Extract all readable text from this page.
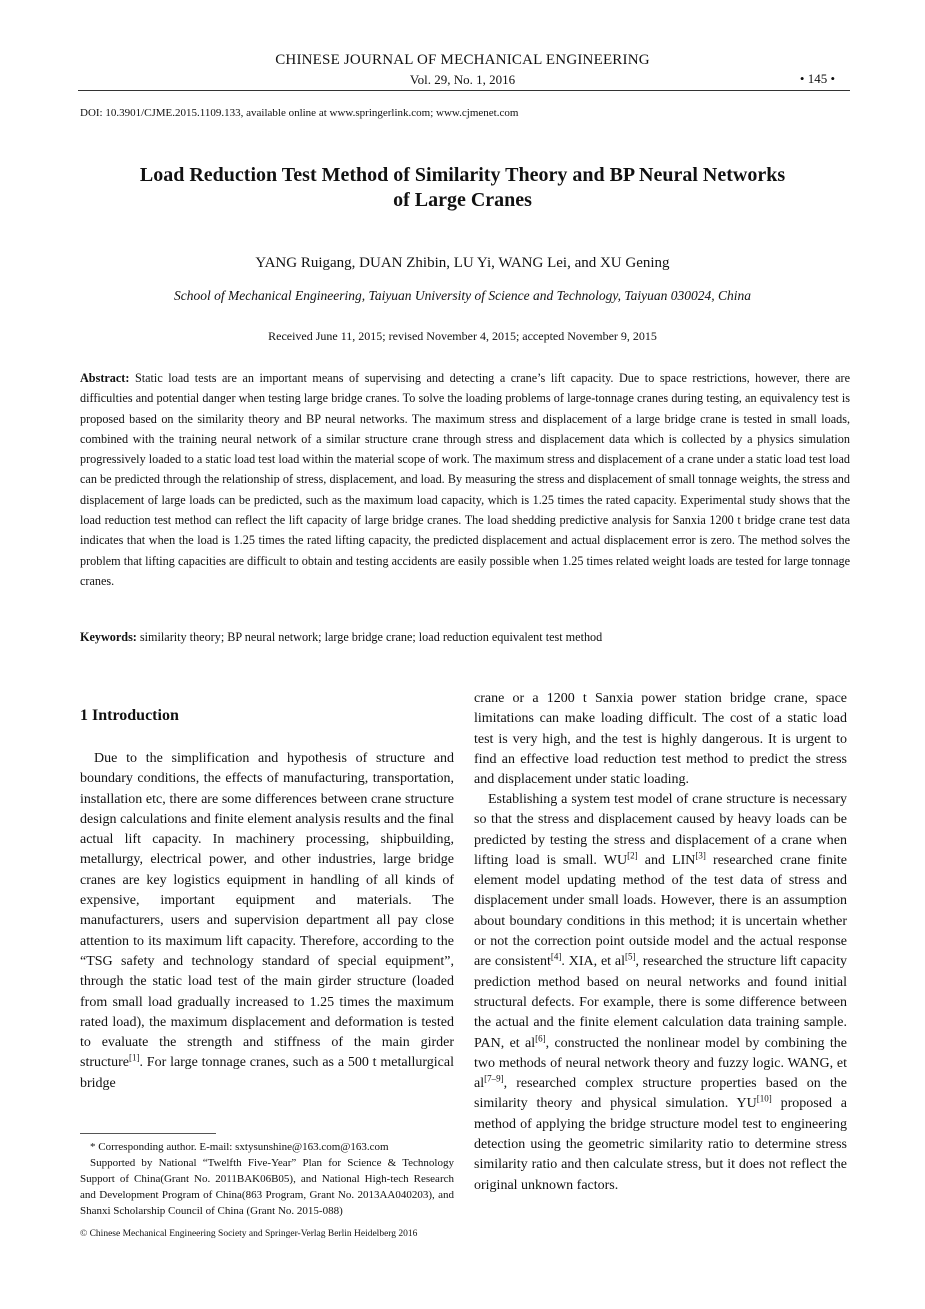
CHINESE JOURNAL OF MECHANICAL ENGINEERING
Vol. 29, No. 1, 2016	• 145 •
DOI: 10.3901/CJME.2015.1109.133, available online at www.springerlink.com; www.cjmenet.com
Load Reduction Test Method of Similarity Theory and BP Neural Networks
of Large Cranes
YANG Ruigang, DUAN Zhibin, LU Yi, WANG Lei, and XU Gening
School of Mechanical Engineering, Taiyuan University of Science and Technology, Taiyuan 030024, China
Received June 11, 2015; revised November 4, 2015; accepted November 9, 2015
Abstract: Static load tests are an important means of supervising and detecting a crane’s lift capacity. Due to space restrictions, however, there are difficulties and potential danger when testing large bridge cranes. To solve the loading problems of large-tonnage cranes during testing, an equivalency test is proposed based on the similarity theory and BP neural networks. The maximum stress and displacement of a large bridge crane is tested in small loads, combined with the training neural network of a similar structure crane through stress and displacement data which is collected by a physics simulation progressively loaded to a static load test load within the material scope of work. The maximum stress and displacement of a crane under a static load test load can be predicted through the relationship of stress, displacement, and load. By measuring the stress and displacement of small tonnage weights, the stress and displacement of large loads can be predicted, such as the maximum load capacity, which is 1.25 times the rated capacity. Experimental study shows that the load reduction test method can reflect the lift capacity of large bridge cranes. The load shedding predictive analysis for Sanxia 1200 t bridge crane test data indicates that when the load is 1.25 times the rated lifting capacity, the predicted displacement and actual displacement error is zero. The method solves the problem that lifting capacities are difficult to obtain and testing accidents are easily possible when 1.25 times related weight loads are tested for large tonnage cranes.
Keywords: similarity theory; BP neural network; large bridge crane; load reduction equivalent test method
1 Introduction
Due to the simplification and hypothesis of structure and boundary conditions, the effects of manufacturing, transportation, installation etc, there are some differences between crane structure design calculations and finite element analysis results and the final actual lift capacity. In machinery processing, shipbuilding, metallurgy, electrical power, and other industries, large bridge cranes are key logistics equipment in handling of all kinds of expensive, important equipment and materials. The manufacturers, users and supervision department all pay close attention to its maximum lift capacity. Therefore, according to the “TSG safety and technology standard of special equipment”, through the static load test of the main girder structure (loaded from small load gradually increased to 1.25 times the maximum rated load), the maximum displacement and deformation is tested to evaluate the strength and stiffness of the main girder structure[1]. For large tonnage cranes, such as a 500 t metallurgical bridge
crane or a 1200 t Sanxia power station bridge crane, space limitations can make loading difficult. The cost of a static load test is very high, and the test is highly dangerous. It is urgent to find an effective load reduction test method to predict the stress and displacement under static loading.
Establishing a system test model of crane structure is necessary so that the stress and displacement caused by heavy loads can be predicted by testing the stress and displacement of a crane when lifting load is small. WU[2] and LIN[3] researched crane finite element model updating method of the test data of stress and displacement under small loads. However, there is an assumption about boundary conditions in this method; it is uncertain whether or not the correction point outside model and the actual response are consistent[4]. XIA, et al[5], researched the structure lift capacity prediction method based on neural networks and found initial structural defects. For example, there is some difference between the actual and the finite element calculation data training sample. PAN, et al[6], constructed the nonlinear model by combining the two methods of neural network theory and fuzzy logic. WANG, et al[7–9], researched complex structure properties based on the similarity theory and physical simulation. YU[10] proposed a method of applying the bridge structure model test to engineering detection using the geometric similarity ratio to determine stress similarity ratio and then calculate stress, but it does not reflect the original unknown factors.

* Corresponding author. E-mail: sxtysunshine@163.com@163.com

Supported by National “Twelfth Five-Year” Plan for Science & Technology Support of China(Grant No. 2011BAK06B05), and National High-tech Research and Development Program of China(863 Program, Grant No. 2013AA040203), and Shanxi Scholarship Council of China (Grant No. 2015-088)

© Chinese Mechanical Engineering Society and Springer-Verlag Berlin Heidelberg 2016
